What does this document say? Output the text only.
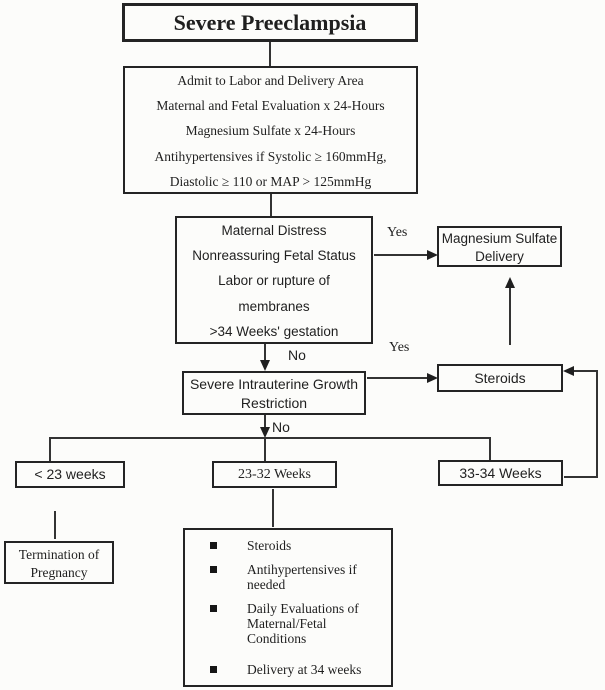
Severe Preeclampsia
Admit to Labor and Delivery Area
Maternal and Fetal Evaluation x 24-Hours
Magnesium Sulfate x 24-Hours
Antihypertensives if Systolic ≥ 160mmHg,
Diastolic ≥ 110 or MAP > 125mmHg
Maternal Distress
Nonreassuring Fetal Status
Labor or rupture of
membranes
>34 Weeks' gestation
Yes	Magnesium Sulfate
Delivery
No	Yes
Severe Intrauterine Growth
Restriction
Steroids
No
< 23 weeks	23-32 Weeks	33-34 Weeks
Termination of
Pregnancy
Steroids
Antihypertensives if needed
Daily Evaluations of
Maternal/Fetal Conditions
Delivery at 34 weeks
